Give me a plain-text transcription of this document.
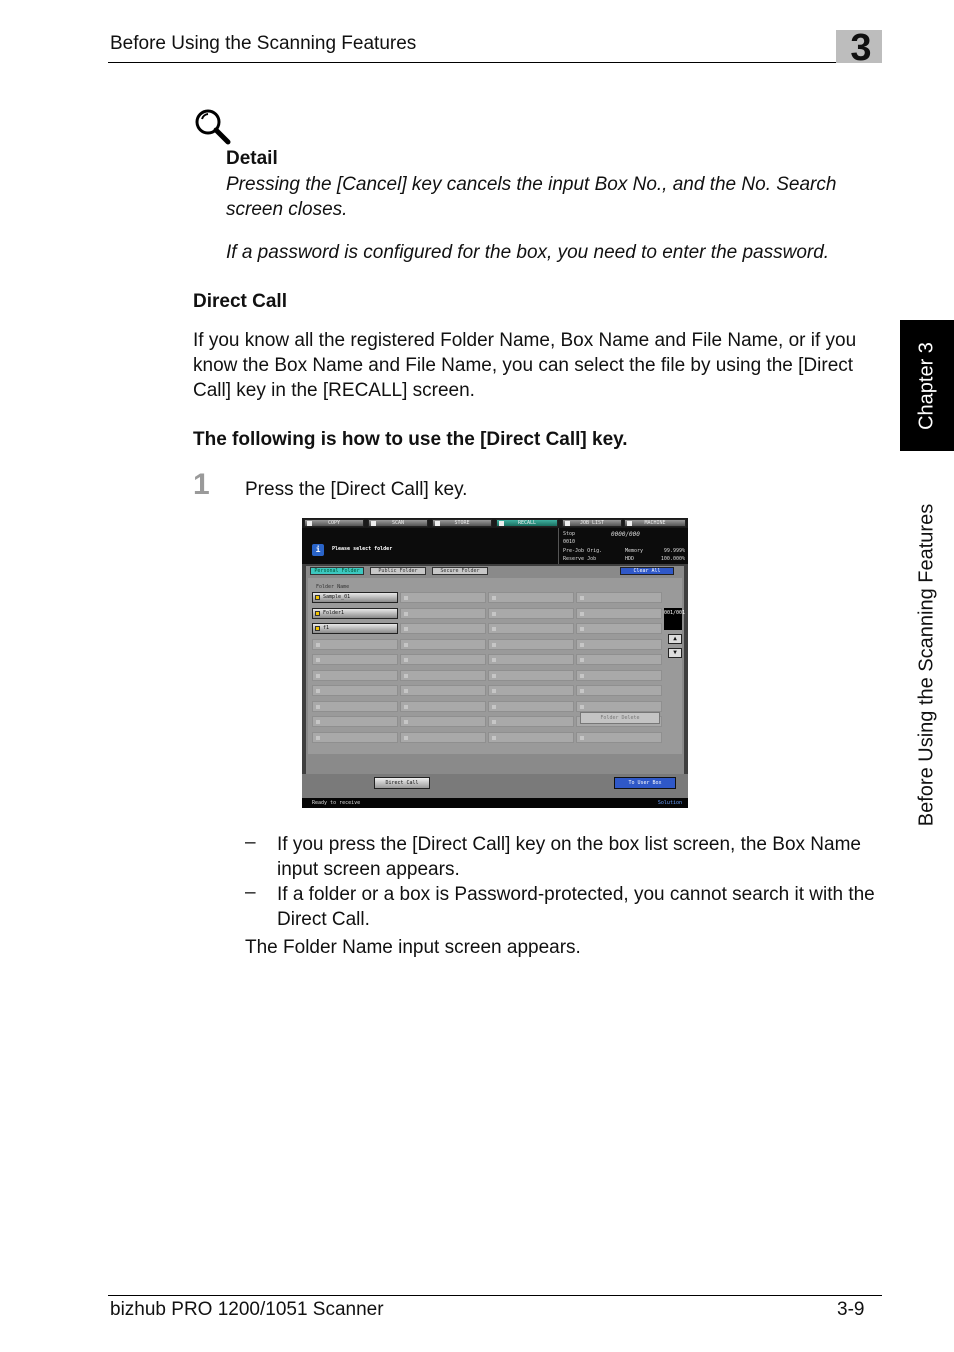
Before Using the Scanning Features	3
Chapter 3
Before Using the Scanning Features
Detail
Pressing the [Cancel] key cancels the input Box No., and the No. Search screen closes.
If a password is configured for the box, you need to enter the password.
Direct Call
If you know all the registered Folder Name, Box Name and File Name, or if you know the Box Name and File Name, you can select the file by using the [Direct Call] key in the [RECALL] screen.
The following is how to use the [Direct Call] key.
1 Press the [Direct Call] key.
COPY	SCAN	STORE	RECALL	JOB LIST	MACHINE
i	Please select folder
Stop	0000/000
0010
Pre-Job Orig.	Memory	99.999%
Reserve Job	HDD	100.000%
Personal Folder	Public Folder	Secure Folder	Clear All
Folder Name
Sample_01
Folder1
f1
001/001
▲
▼
Folder Delete
Direct Call	To User Box
Ready to receive	Solution
– If you press the [Direct Call] key on the box list screen, the Box Name input screen appears.
– If a folder or a box is Password-protected, you cannot search it with the Direct Call.
The Folder Name input screen appears.
bizhub PRO 1200/1051 Scanner	3-9
